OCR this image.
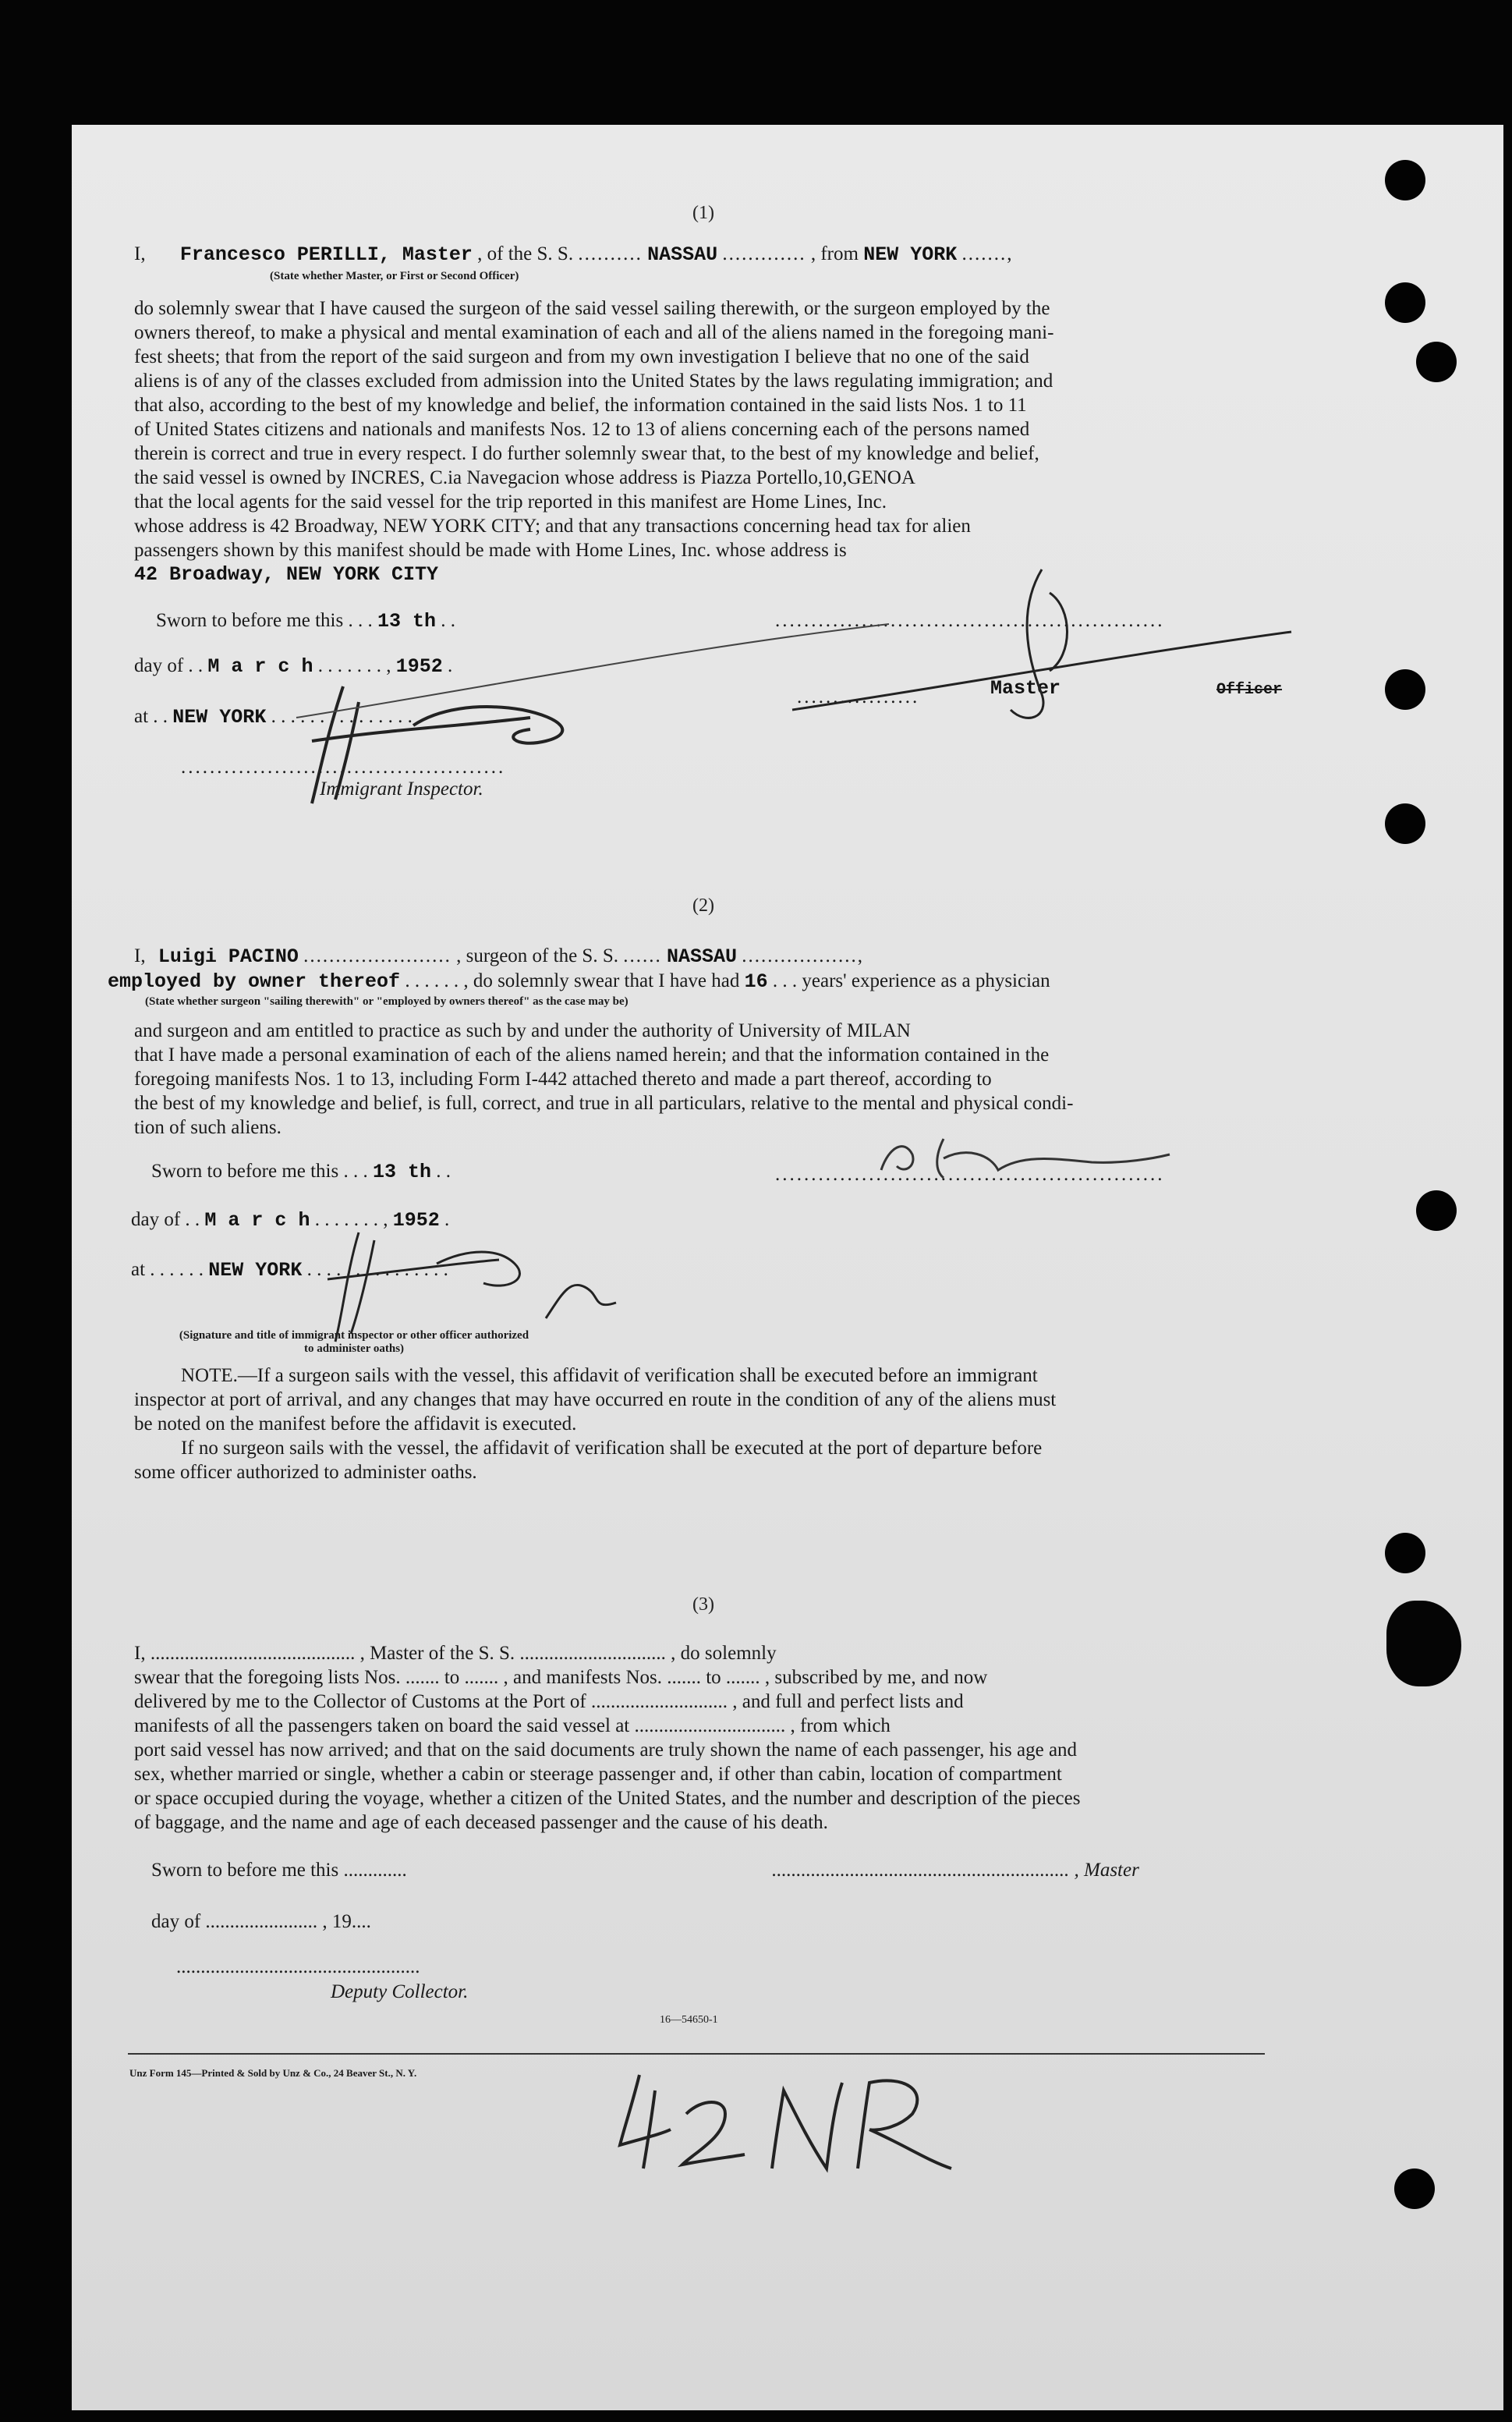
(1)
I, Francesco PERILLI, Master , of the S. S. .......... NASSAU ............. , from NEW YORK .......,
(State whether Master, or First or Second Officer)
do solemnly swear that I have caused the surgeon of the said vessel sailing therewith, or the surgeon employed by the
owners thereof, to make a physical and mental examination of each and all of the aliens named in the foregoing mani-
fest sheets; that from the report of the said surgeon and from my own investigation I believe that no one of the said
aliens is of any of the classes excluded from admission into the United States by the laws regulating immigration; and
that also, according to the best of my knowledge and belief, the information contained in the said lists Nos. 1 to 11
of United States citizens and nationals and manifests Nos. 12 to 13 of aliens concerning each of the persons named
therein is correct and true in every respect. I do further solemnly swear that, to the best of my knowledge and belief,
the said vessel is owned by INCRES, C.ia Navegacion whose address is Piazza Portello,10,GENOA
that the local agents for the said vessel for the trip reported in this manifest are Home Lines, Inc.
whose address is 42 Broadway, NEW YORK CITY; and that any transactions concerning head tax for alien
passengers shown by this manifest should be made with Home Lines, Inc. whose address is
42 Broadway, NEW YORK CITY
Sworn to before me this . . . 13 th . .	......................................................
day of . . M a r c h . . . . . . . , 1952 .
Master	Officer
.................
at . . NEW YORK . . . . . . . . . . . . . . .
.............................................
Immigrant Inspector.
(2)
I, Luigi PACINO ....................... , surgeon of the S. S. ...... NASSAU ..................,
employed by owner thereof . . . . . . , do solemnly swear that I have had 16 . . . years' experience as a physician
(State whether surgeon "sailing therewith" or "employed by owners thereof" as the case may be)
and surgeon and am entitled to practice as such by and under the authority of University of MILAN
that I have made a personal examination of each of the aliens named herein; and that the information contained in the
foregoing manifests Nos. 1 to 13, including Form I-442 attached thereto and made a part thereof, according to
the best of my knowledge and belief, is full, correct, and true in all particulars, relative to the mental and physical condi-
tion of such aliens.
Sworn to before me this . . . 13 th . .	......................................................
day of . . M a r c h . . . . . . . , 1952 .
at . . . . . . NEW YORK . . . . . . . . . . . . . . .
(Signature and title of immigrant inspector or other officer authorized to administer oaths)
NOTE.—If a surgeon sails with the vessel, this affidavit of verification shall be executed before an immigrant
inspector at port of arrival, and any changes that may have occurred en route in the condition of any of the aliens must
be noted on the manifest before the affidavit is executed.
If no surgeon sails with the vessel, the affidavit of verification shall be executed at the port of departure before
some officer authorized to administer oaths.
(3)
I, .......................................... , Master of the S. S. .............................. , do solemnly
swear that the foregoing lists Nos. ....... to ....... , and manifests Nos. ....... to ....... , subscribed by me, and now
delivered by me to the Collector of Customs at the Port of ............................ , and full and perfect lists and
manifests of all the passengers taken on board the said vessel at ............................... , from which
port said vessel has now arrived; and that on the said documents are truly shown the name of each passenger, his age and
sex, whether married or single, whether a cabin or steerage passenger and, if other than cabin, location of compartment
or space occupied during the voyage, whether a citizen of the United States, and the number and description of the pieces
of baggage, and the name and age of each deceased passenger and the cause of his death.
Sworn to before me this .............	............................................................. , Master
day of ....................... , 19....
..................................................
Deputy Collector.
16—54650-1
Unz Form 145—Printed & Sold by Unz & Co., 24 Beaver St., N. Y.
